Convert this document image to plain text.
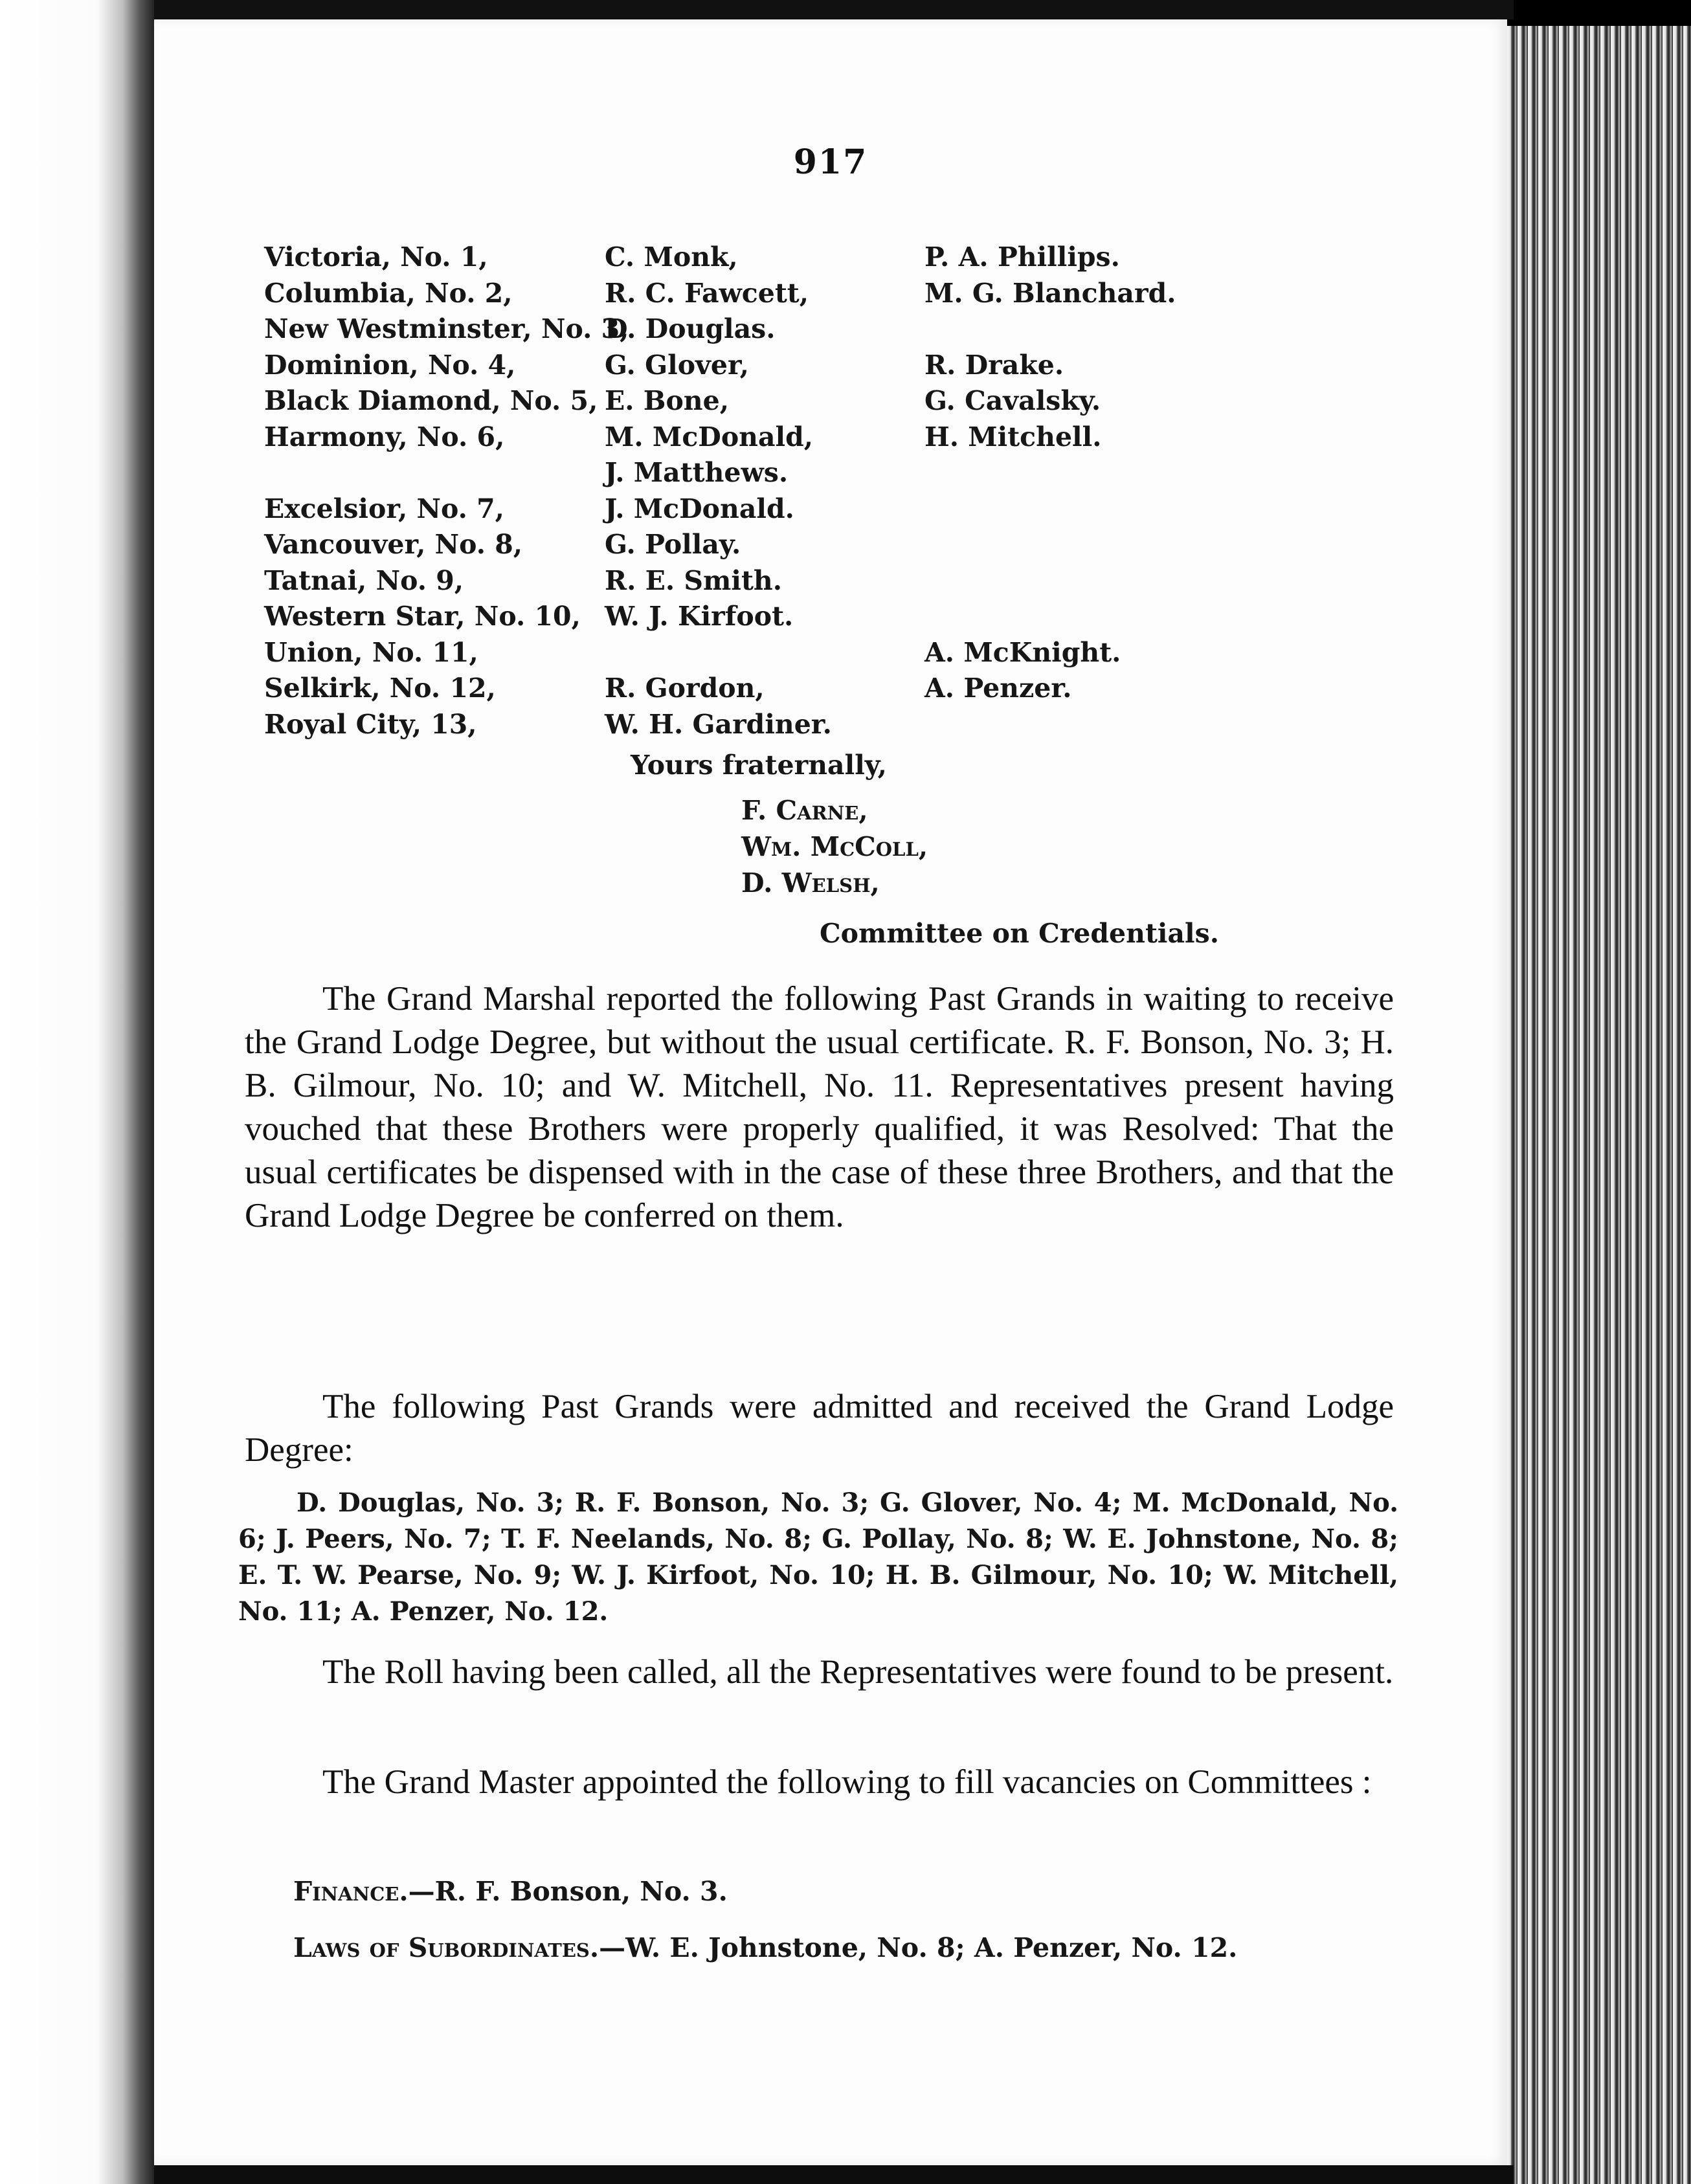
917
Victoria, No. 1,
Columbia, No. 2,
New Westminster, No. 3,
Dominion, No. 4,
Black Diamond, No. 5,
Harmony, No. 6,
Excelsior, No. 7,
Vancouver, No. 8,
Tatnai, No. 9,
Western Star, No. 10,
Union, No. 11,
Selkirk, No. 12,
Royal City, 13,
C. Monk,
R. C. Fawcett,
D. Douglas.
G. Glover,
E. Bone,
M. McDonald,
J. Matthews.
J. McDonald.
G. Pollay.
R. E. Smith.
W. J. Kirfoot.
R. Gordon,
W. H. Gardiner.
P. A. Phillips.
M. G. Blanchard.
R. Drake.
G. Cavalsky.
H. Mitchell.
A. McKnight.
A. Penzer.
Yours fraternally,
F. Carne,
Wm. McColl,
D. Welsh,
Committee on Credentials.

The Grand Marshal reported the following Past Grands in waiting to receive the Grand Lodge Degree, but without the usual certificate. R. F. Bonson, No. 3; H. B. Gilmour, No. 10; and W. Mitchell, No. 11. Representatives present having vouched that these Brothers were properly qualified, it was Resolved: That the usual certificates be dispensed with in the case of these three Brothers, and that the Grand Lodge Degree be conferred on them.

The following Past Grands were admitted and received the Grand Lodge Degree:

D. Douglas, No. 3; R. F. Bonson, No. 3; G. Glover, No. 4; M. McDonald, No. 6; J. Peers, No. 7; T. F. Neelands, No. 8; G. Pollay, No. 8; W. E. Johnstone, No. 8; E. T. W. Pearse, No. 9; W. J. Kirfoot, No. 10; H. B. Gilmour, No. 10; W. Mitchell, No. 11; A. Penzer, No. 12.

The Roll having been called, all the Representatives were found to be present.

The Grand Master appointed the following to fill vacancies on Committees :

Finance.—R. F. Bonson, No. 3.
Laws of Subordinates.—W. E. Johnstone, No. 8; A. Penzer, No. 12.
